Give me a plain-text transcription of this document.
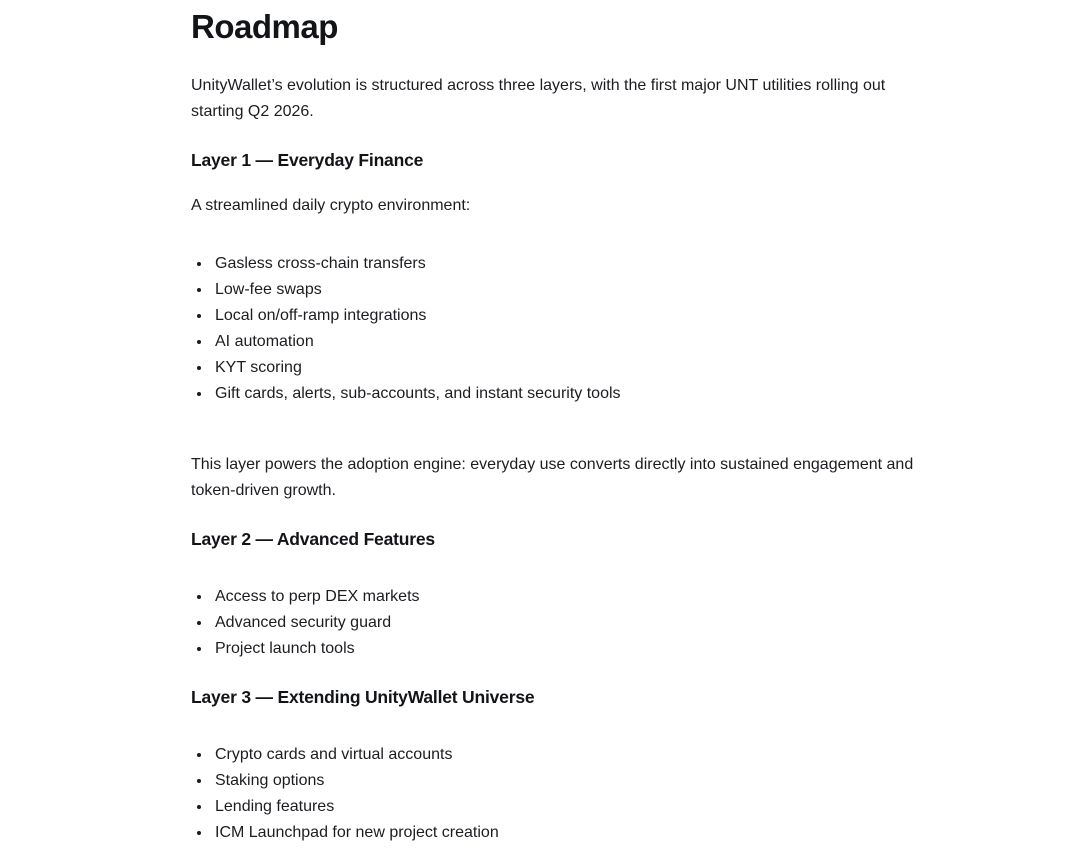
Roadmap

UnityWallet’s evolution is structured across three layers, with the first major UNT utilities rolling out starting Q2 2026.

Layer 1 — Everyday Finance

A streamlined daily crypto environment:

• Gasless cross-chain transfers
• Low-fee swaps
• Local on/off-ramp integrations
• AI automation
• KYT scoring
• Gift cards, alerts, sub-accounts, and instant security tools

This layer powers the adoption engine: everyday use converts directly into sustained engagement and token-driven growth.

Layer 2 — Advanced Features
• Access to perp DEX markets
• Advanced security guard
• Project launch tools
Layer 3 — Extending UnityWallet Universe
• Crypto cards and virtual accounts
• Staking options
• Lending features
• ICM Launchpad for new project creation
